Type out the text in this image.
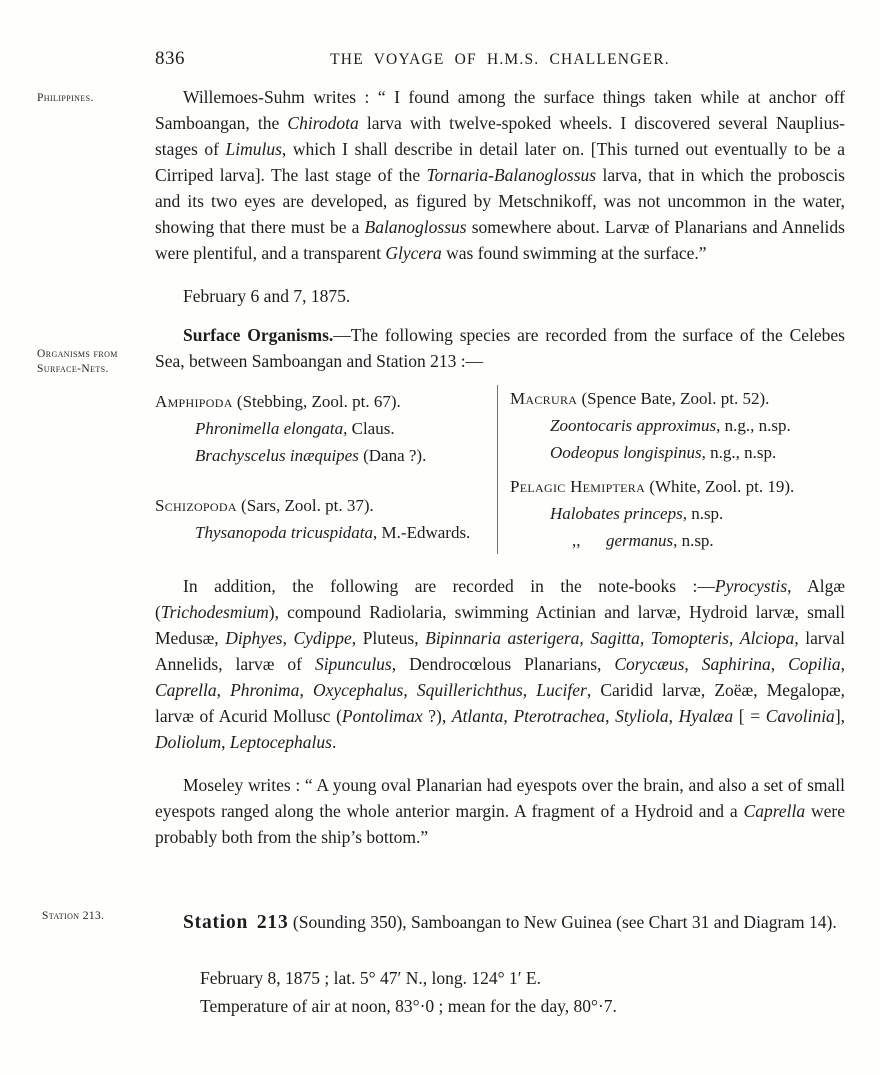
836	THE VOYAGE OF H.M.S. CHALLENGER.
Philippines.
Organisms from
Surface-Nets.
Station 213.

Willemoes-Suhm writes : “ I found among the surface things taken while at anchor off Samboangan, the Chirodota larva with twelve-spoked wheels. I discovered several Nauplius-stages of Limulus, which I shall describe in detail later on. [This turned out eventually to be a Cirriped larva]. The last stage of the Tornaria-Balanoglossus larva, that in which the proboscis and its two eyes are developed, as figured by Metschnikoff, was not uncommon in the water, showing that there must be a Balanoglossus somewhere about. Larvæ of Planarians and Annelids were plentiful, and a transparent Glycera was found swimming at the surface.”

February 6 and 7, 1875.

Surface Organisms.—The following species are recorded from the surface of the Celebes Sea, between Samboangan and Station 213 :—

Amphipoda (Stebbing, Zool. pt. 67).
Phronimella elongata, Claus.
Brachyscelus inæquipes (Dana ?).
Schizopoda (Sars, Zool. pt. 37).
Thysanopoda tricuspidata, M.-Edwards.
Macrura (Spence Bate, Zool. pt. 52).
Zoontocaris approximus, n.g., n.sp.
Oodeopus longispinus, n.g., n.sp.
Pelagic Hemiptera (White, Zool. pt. 19).
Halobates princeps, n.sp.
,,  germanus, n.sp.

In addition, the following are recorded in the note-books :—Pyrocystis, Algæ (Trichodesmium), compound Radiolaria, swimming Actinian and larvæ, Hydroid larvæ, small Medusæ, Diphyes, Cydippe, Pluteus, Bipinnaria asterigera, Sagitta, Tomopteris, Alciopa, larval Annelids, larvæ of Sipunculus, Dendrocœlous Planarians, Corycæus, Saphirina, Copilia, Caprella, Phronima, Oxycephalus, Squillerichthus, Lucifer, Caridid larvæ, Zoëæ, Megalopæ, larvæ of Acurid Mollusc (Pontolimax ?), Atlanta, Pterotrachea, Styliola, Hyalæa [ = Cavolinia], Doliolum, Leptocephalus.

Moseley writes : “ A young oval Planarian had eyespots over the brain, and also a set of small eyespots ranged along the whole anterior margin. A fragment of a Hydroid and a Caprella were probably both from the ship’s bottom.”

Station 213 (Sounding 350), Samboangan to New Guinea (see Chart 31 and Diagram 14).

February 8, 1875 ; lat. 5° 47′ N., long. 124° 1′ E.

Temperature of air at noon, 83°·0 ; mean for the day, 80°·7.
